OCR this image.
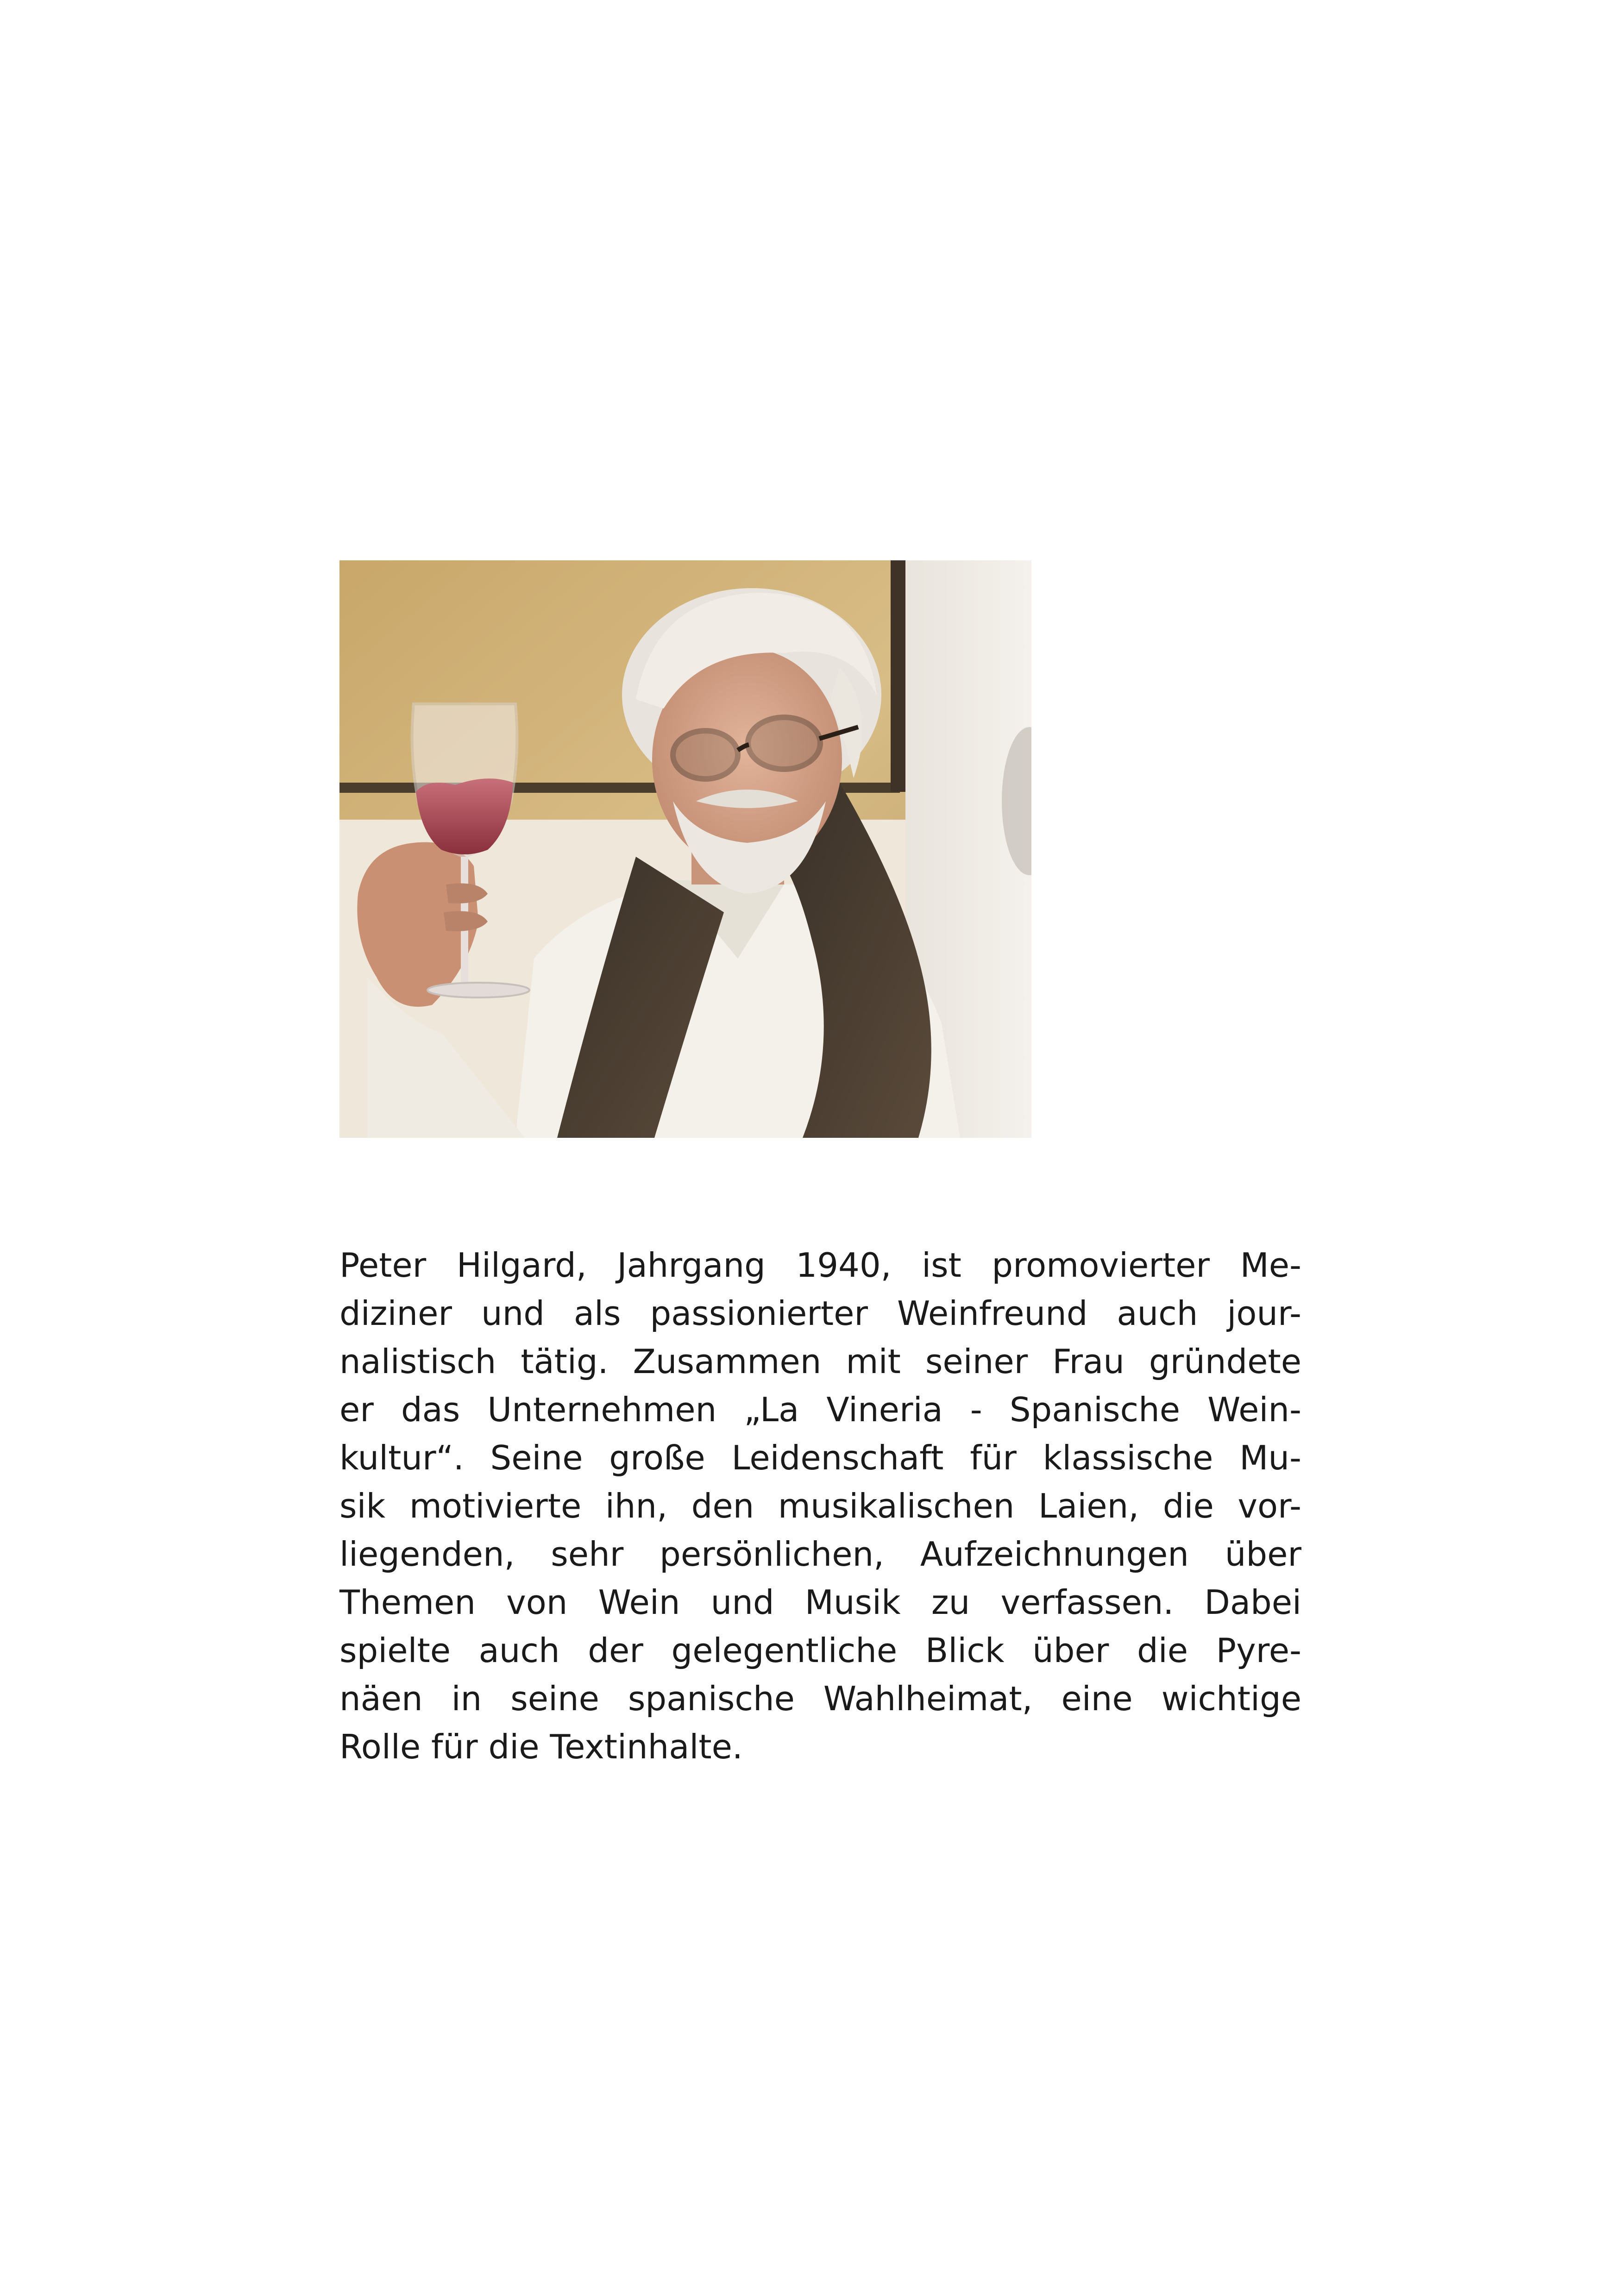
Peter Hilgard, Jahrgang 1940, ist promovierter Me-
diziner und als passionierter Weinfreund auch jour-
nalistisch tätig. Zusammen mit seiner Frau gründete
er das Unternehmen „La Vineria - Spanische Wein-
kultur“. Seine große Leidenschaft für klassische Mu-
sik motivierte ihn, den musikalischen Laien, die vor-
liegenden, sehr persönlichen, Aufzeichnungen über
Themen von Wein und Musik zu verfassen. Dabei
spielte auch der gelegentliche Blick über die Pyre-
näen in seine spanische Wahlheimat, eine wichtige
Rolle für die Textinhalte.
